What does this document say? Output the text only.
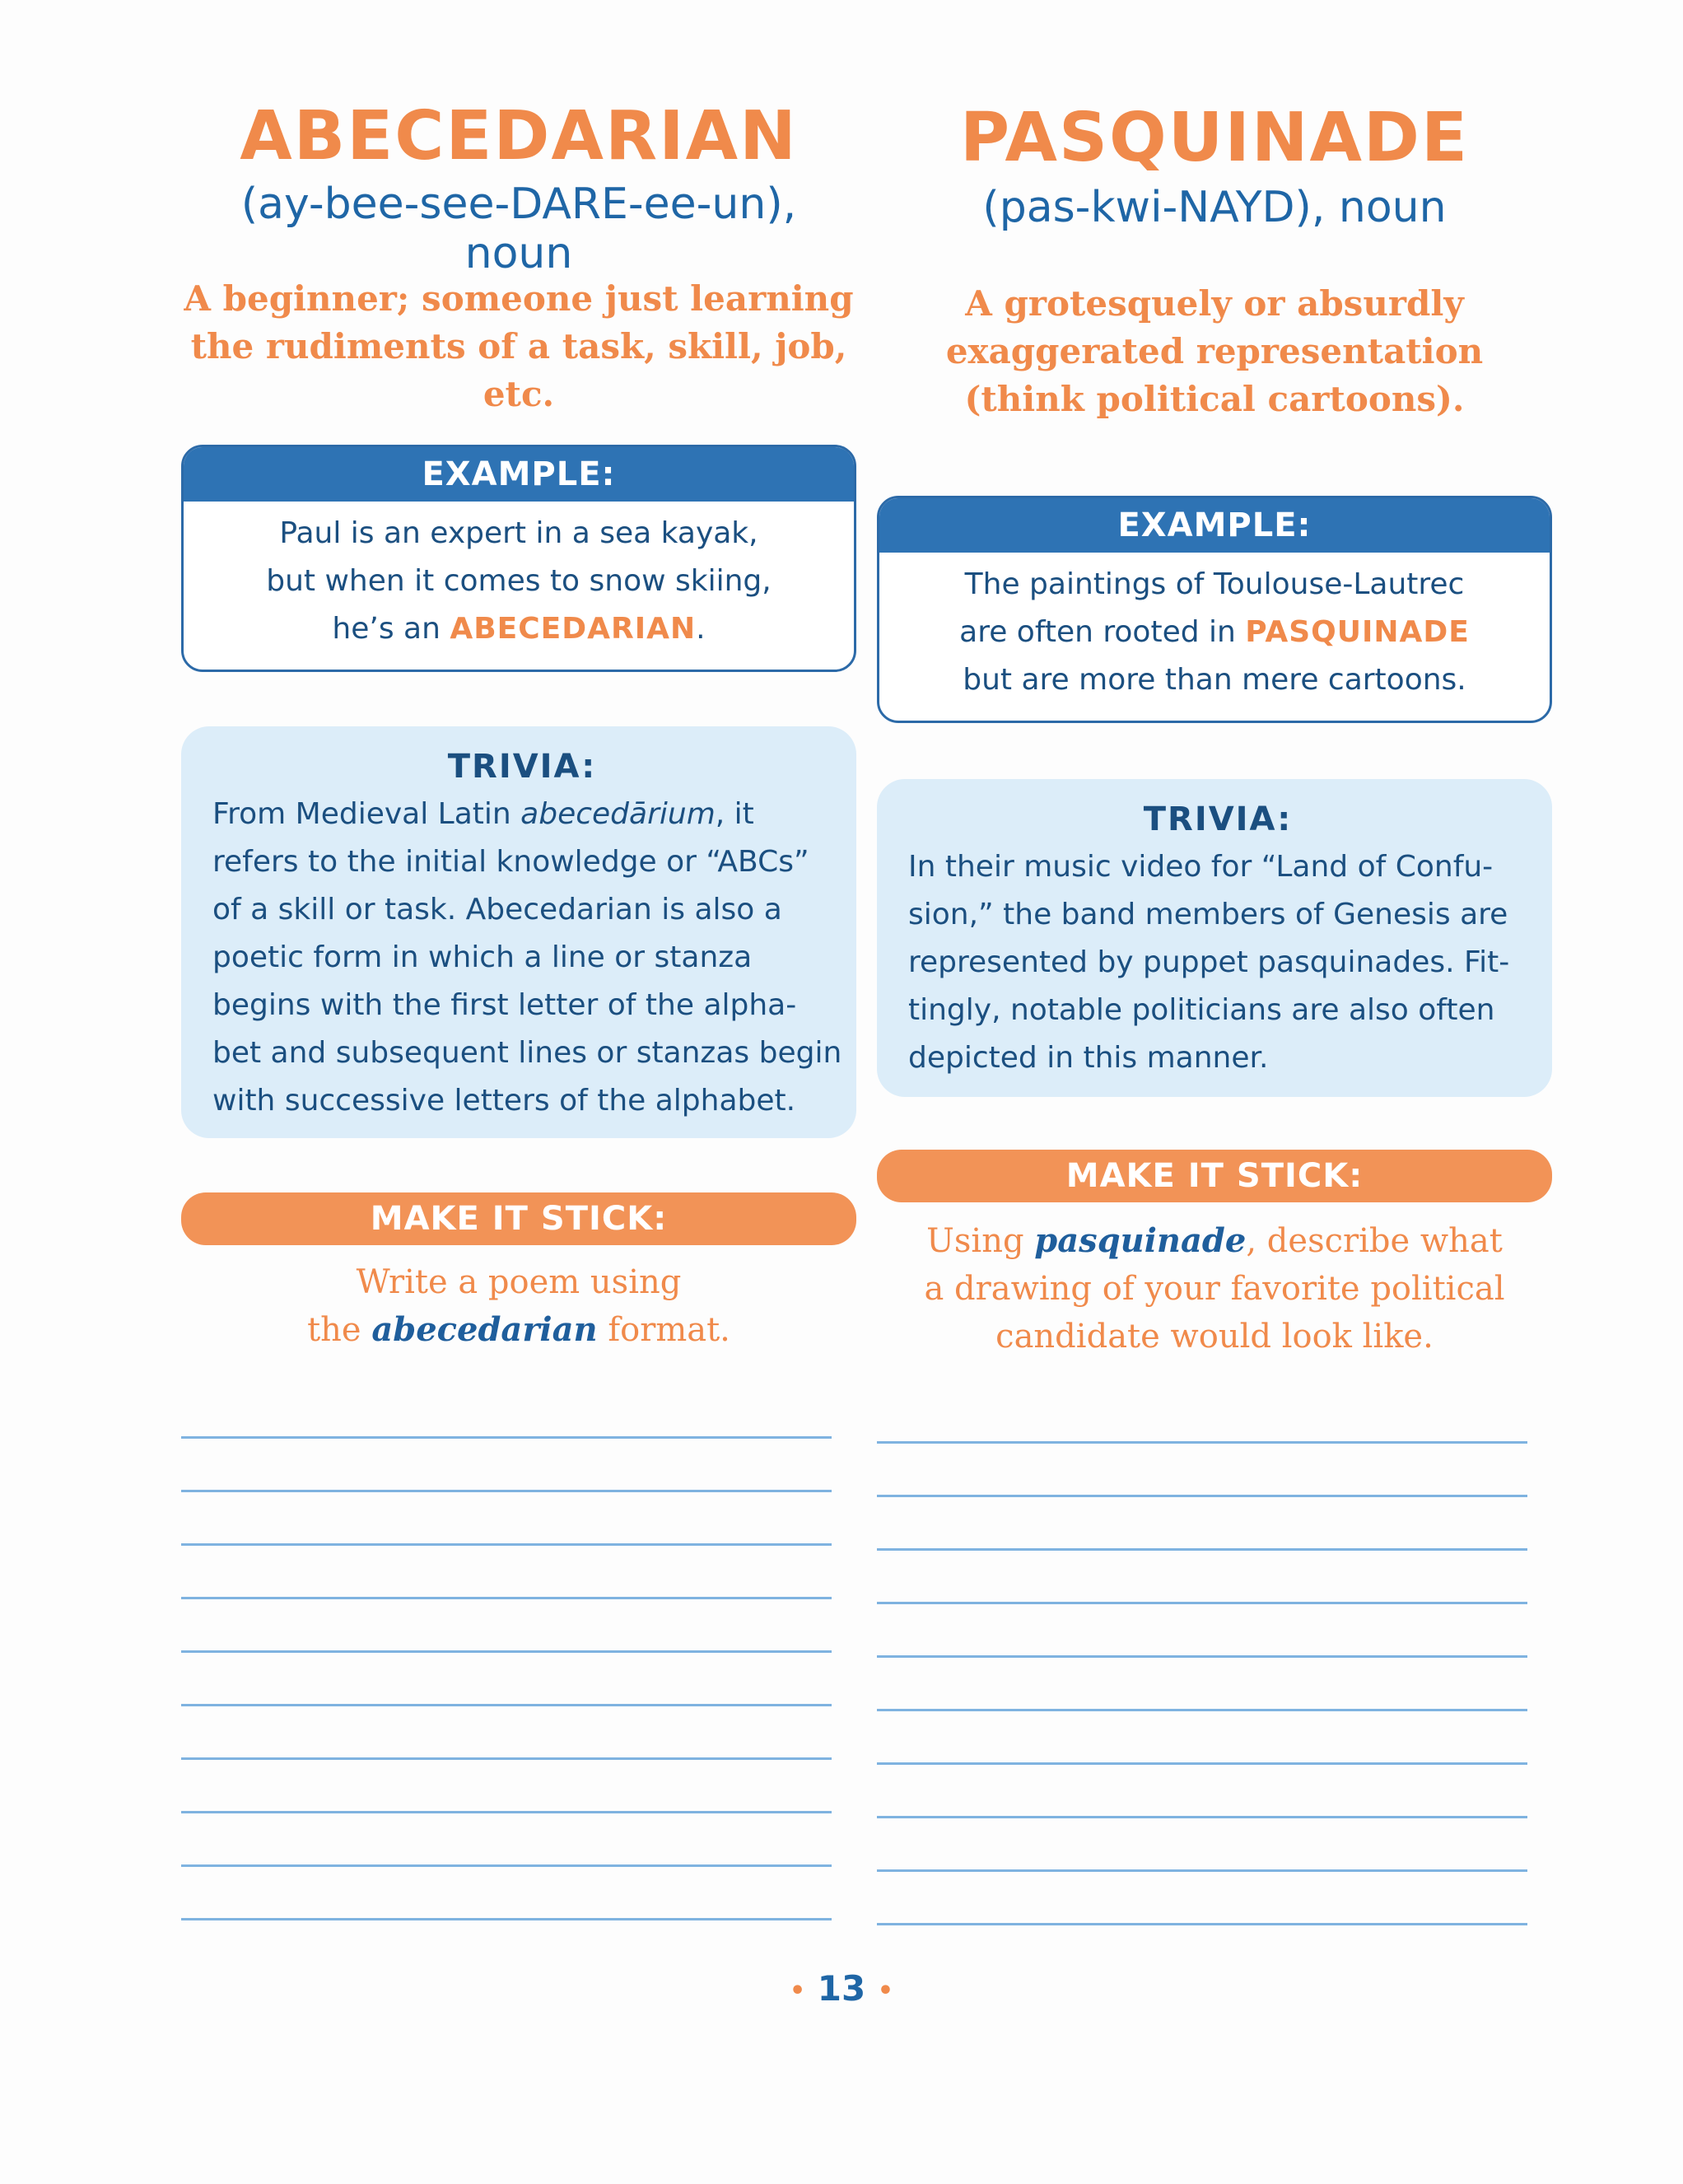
ABECEDARIAN

(ay-bee-see-DARE-ee-un), noun

A beginner; someone just learning

the rudiments of a task, skill, job, etc.

EXAMPLE:
Paul is an expert in a sea kayak,
but when it comes to snow skiing,
he’s an ABECEDARIAN.
TRIVIA:
From Medieval Latin abecedārium, it
refers to the initial knowledge or “ABCs”
of a skill or task. Abecedarian is also a
poetic form in which a line or stanza
begins with the first letter of the alpha-
bet and subsequent lines or stanzas begin
with successive letters of the alphabet.
MAKE IT STICK:
Write a poem using
the abecedarian format.
PASQUINADE

(pas-kwi-NAYD), noun

A grotesquely or absurdly

exaggerated representation

(think political cartoons).

EXAMPLE:
The paintings of Toulouse-Lautrec
are often rooted in PASQUINADE
but are more than mere cartoons.
TRIVIA:
In their music video for “Land of Confu-
sion,” the band members of Genesis are
represented by puppet pasquinades. Fit-
tingly, notable politicians are also often
depicted in this manner.
MAKE IT STICK:
Using pasquinade, describe what
a drawing of your favorite political
candidate would look like.
• 13 •
